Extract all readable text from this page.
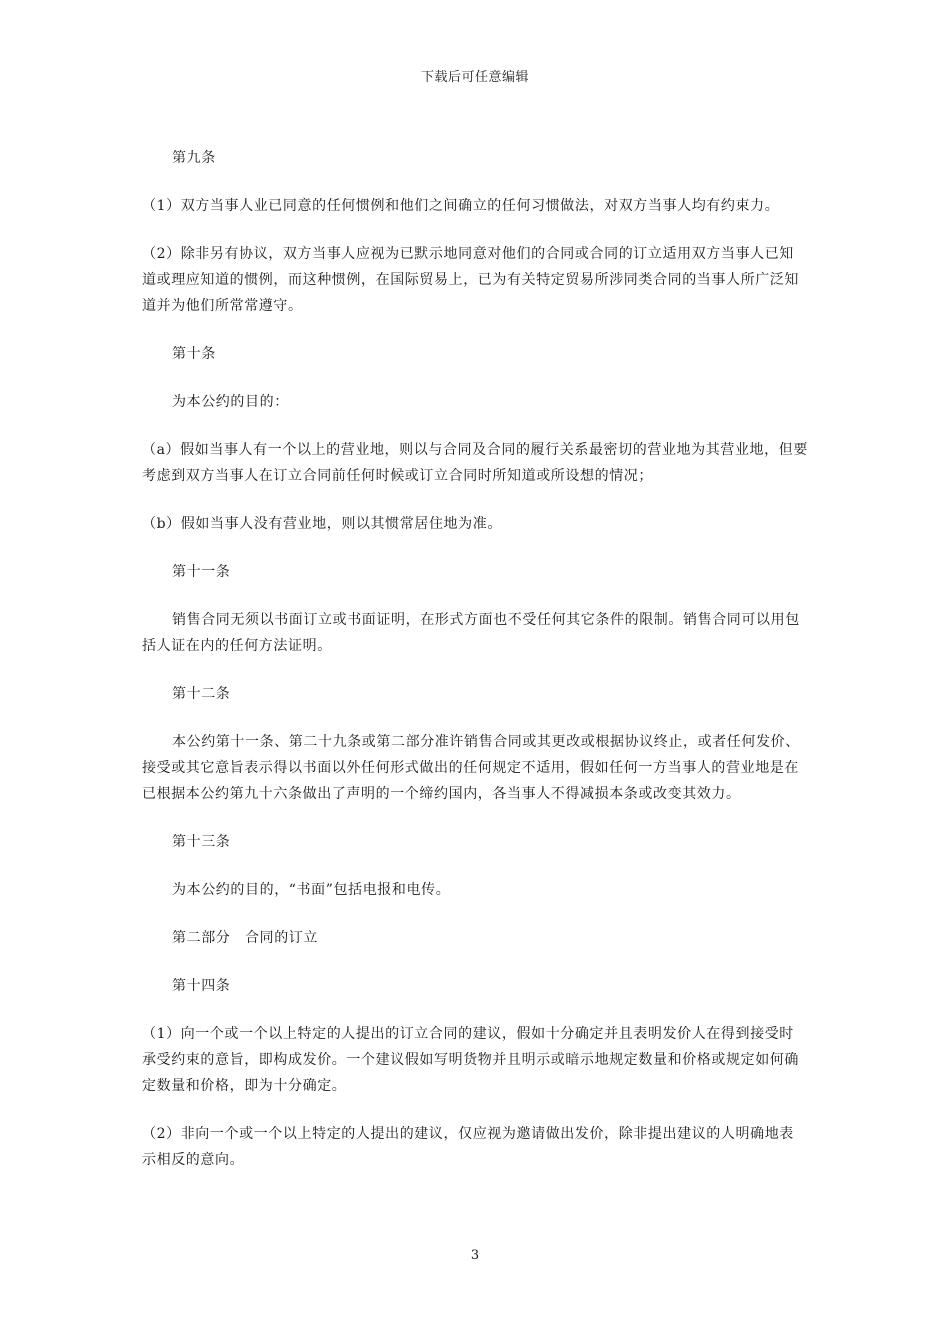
下载后可任意编辑

第九条

（1）双方当事人业已同意的任何惯例和他们之间确立的任何习惯做法，对双方当事人均有约束力。

（2）除非另有协议，双方当事人应视为已默示地同意对他们的合同或合同的订立适用双方当事人已知道或理应知道的惯例，而这种惯例，在国际贸易上，已为有关特定贸易所涉同类合同的当事人所广泛知道并为他们所常常遵守。

第十条

为本公约的目的：

（a）假如当事人有一个以上的营业地，则以与合同及合同的履行关系最密切的营业地为其营业地，但要考虑到双方当事人在订立合同前任何时候或订立合同时所知道或所设想的情况；

（b）假如当事人没有营业地，则以其惯常居住地为准。

第十一条

销售合同无须以书面订立或书面证明，在形式方面也不受任何其它条件的限制。销售合同可以用包括人证在内的任何方法证明。

第十二条

本公约第十一条、第二十九条或第二部分准许销售合同或其更改或根据协议终止，或者任何发价、接受或其它意旨表示得以书面以外任何形式做出的任何规定不适用，假如任何一方当事人的营业地是在已根据本公约第九十六条做出了声明的一个缔约国内，各当事人不得减损本条或改变其效力。

第十三条

为本公约的目的，“书面”包括电报和电传。

第二部分　合同的订立

第十四条

（1）向一个或一个以上特定的人提出的订立合同的建议，假如十分确定并且表明发价人在得到接受时承受约束的意旨，即构成发价。一个建议假如写明货物并且明示或暗示地规定数量和价格或规定如何确定数量和价格，即为十分确定。

（2）非向一个或一个以上特定的人提出的建议，仅应视为邀请做出发价，除非提出建议的人明确地表示相反的意向。

3
